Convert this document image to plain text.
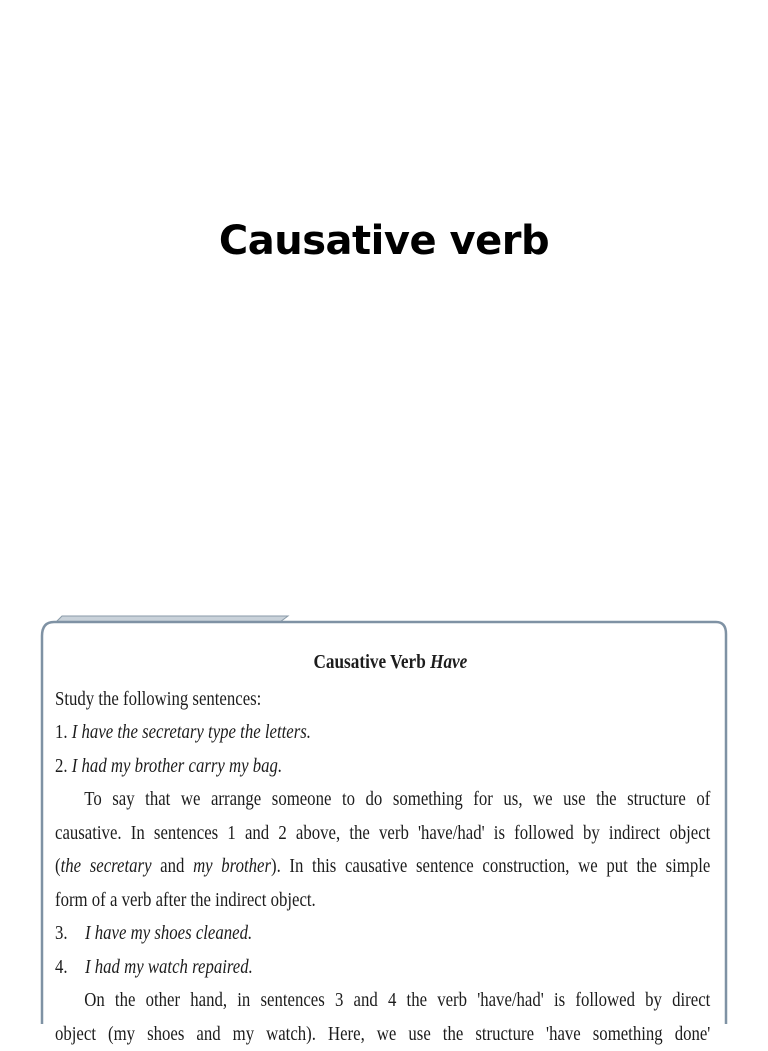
Causative verb
Causative Verb Have
Study the following sentences:
1. I have the secretary type the letters.
2. I had my brother carry my bag.
To say that we arrange someone to do something for us, we use the structure of
causative. In sentences 1 and 2 above, the verb 'have/had' is followed by indirect object
(the secretary and my brother). In this causative sentence construction, we put the simple
form of a verb after the indirect object.
3. I have my shoes cleaned.
4. I had my watch repaired.
On the other hand, in sentences 3 and 4 the verb 'have/had' is followed by direct
object (my shoes and my watch). Here, we use the structure 'have something done'
